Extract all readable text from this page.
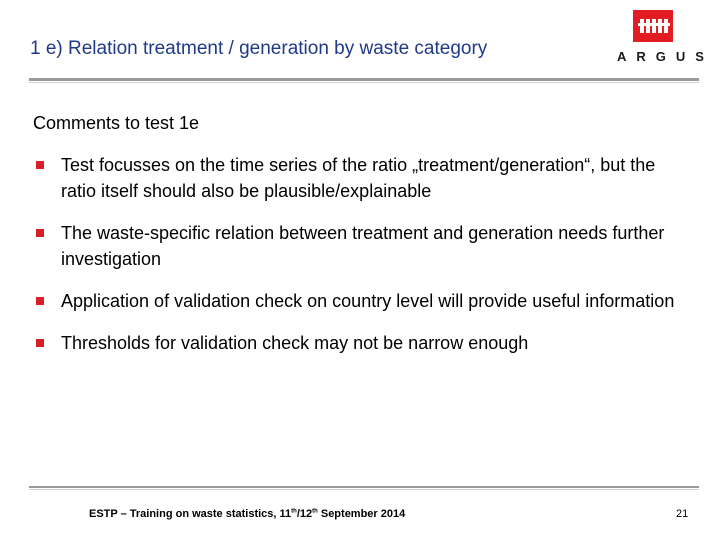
1 e) Relation treatment / generation by waste category	ARGUS
Comments to test 1e
Test focusses on the time series of the ratio „treatment/generation“, but the ratio itself should also be plausible/explainable
The waste-specific relation between treatment and generation needs further investigation
Application of validation check on country level will provide useful information
Thresholds for validation check may not be narrow enough
ESTP – Training on waste statistics, 11th/12th September 2014	21
